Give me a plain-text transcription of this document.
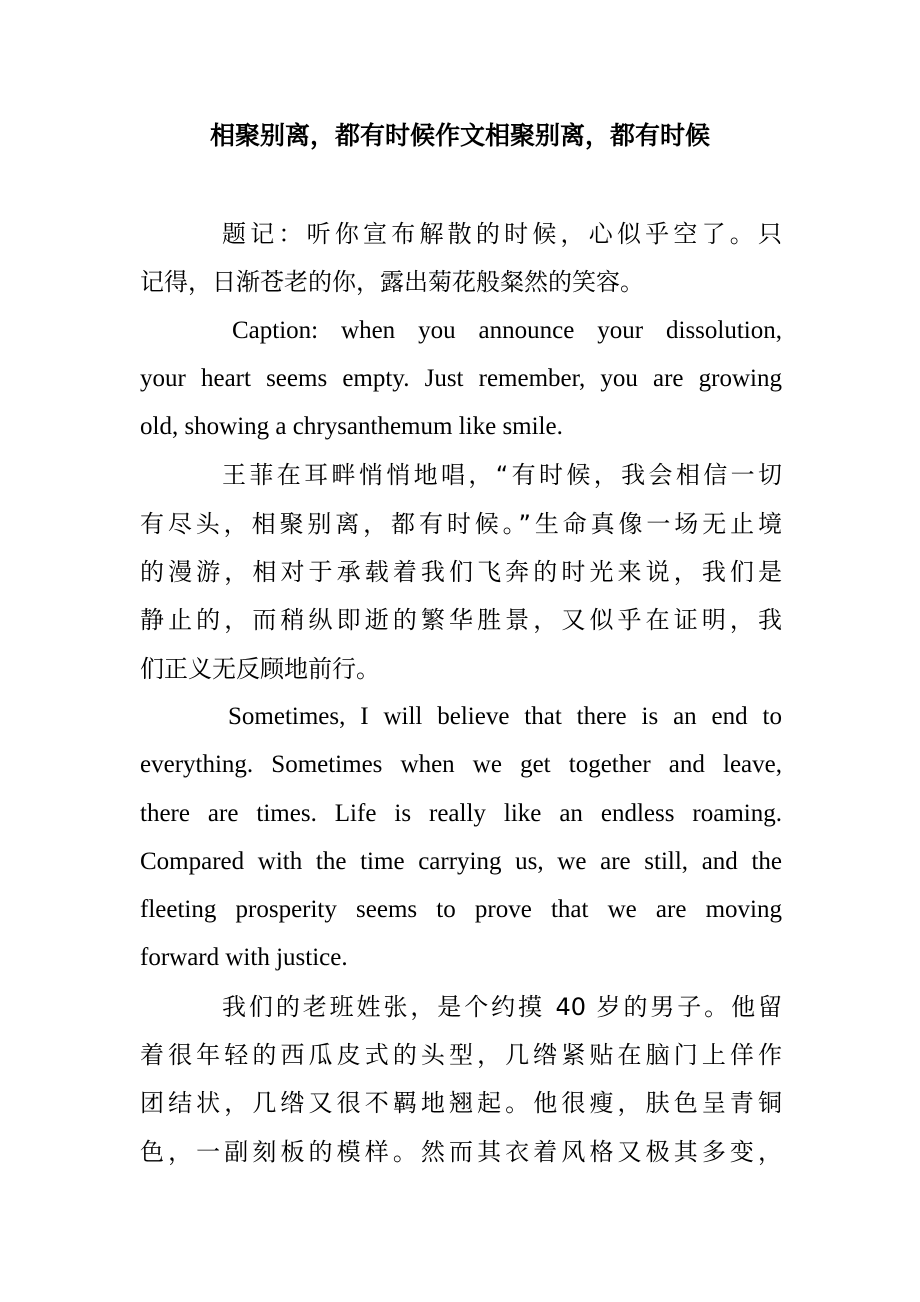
相聚别离，都有时候作文相聚别离，都有时候
题记：听你宣布解散的时候，心似乎空了。只
记得，日渐苍老的你，露出菊花般粲然的笑容。
Caption: when you announce your dissolution,
your heart seems empty. Just remember, you are growing
old, showing a chrysanthemum like smile.
王菲在耳畔悄悄地唱，“有时候，我会相信一切
有尽头，相聚别离，都有时候。”生命真像一场无止境
的漫游，相对于承载着我们飞奔的时光来说，我们是
静止的，而稍纵即逝的繁华胜景，又似乎在证明，我
们正义无反顾地前行。
Sometimes, I will believe that there is an end to
everything. Sometimes when we get together and leave,
there are times. Life is really like an endless roaming.
Compared with the time carrying us, we are still, and the
fleeting prosperity seems to prove that we are moving
forward with justice.
我们的老班姓张，是个约摸 40 岁的男子。他留
着很年轻的西瓜皮式的头型，几绺紧贴在脑门上佯作
团结状，几绺又很不羁地翘起。他很瘦，肤色呈青铜
色，一副刻板的模样。然而其衣着风格又极其多变，
